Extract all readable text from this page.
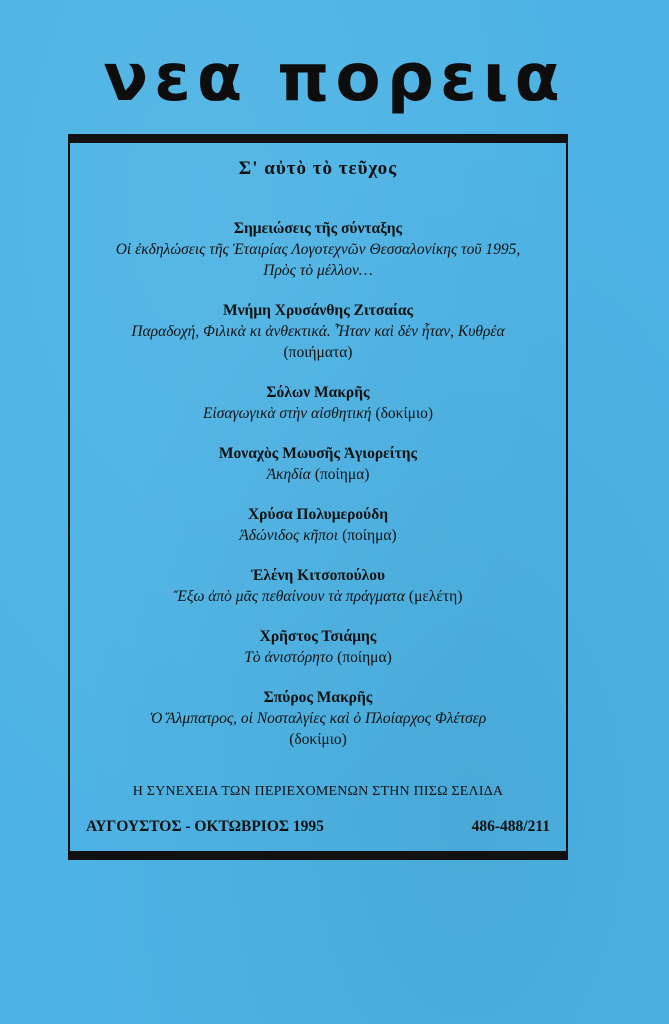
νεα πορεια
Σ' αὐτὸ τὸ τεῦχος
Σημειώσεις τῆς σύνταξης
Οἱ ἐκδηλώσεις τῆς Ἑταιρίας Λογοτεχνῶν Θεσσαλονίκης τοῦ 1995, Πρὸς τὸ μέλλον…
Μνήμη Χρυσάνθης Ζιτσαίας
Παραδοχή, Φιλικὰ κι ἀνθεκτικά. Ἦταν καὶ δὲν ἦταν, Κυθρέα
(ποιήματα)
Σόλων Μακρῆς
Εἰσαγωγικὰ στὴν αἰσθητική (δοκίμιο)
Μοναχὸς Μωυσῆς Ἁγιορείτης
Ἀκηδία (ποίημα)
Χρύσα Πολυμερούδη
Ἀδώνιδος κῆποι (ποίημα)
Ἑλένη Κιτσοπούλου
Ἔξω ἀπὸ μᾶς πεθαίνουν τὰ πράγματα (μελέτη)
Χρῆστος Τσιάμης
Τὸ ἀνιστόρητο (ποίημα)
Σπύρος Μακρῆς
Ὁ Ἄλμπατρος, οἱ Νοσταλγίες καὶ ὁ Πλοίαρχος Φλέτσερ
(δοκίμιο)
Η ΣΥΝΕΧΕΙΑ ΤΩΝ ΠΕΡΙΕΧΟΜΕΝΩΝ ΣΤΗΝ ΠΙΣΩ ΣΕΛΙΔΑ
ΑΥΓΟΥΣΤΟΣ - ΟΚΤΩΒΡΙΟΣ 1995	486-488/211
